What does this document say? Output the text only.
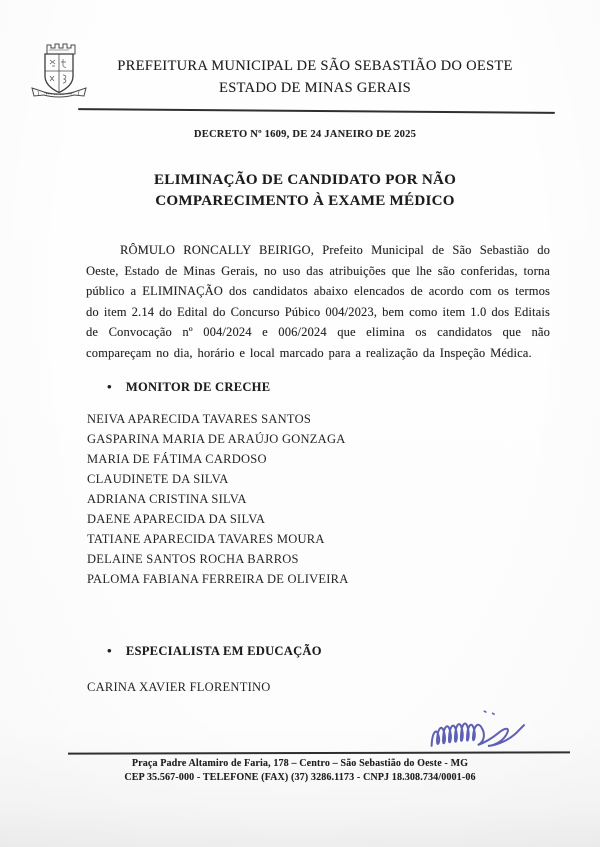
PREFEITURA MUNICIPAL DE SÃO SEBASTIÃO DO OESTE
ESTADO DE MINAS GERAIS
DECRETO Nº 1609, DE 24 JANEIRO DE 2025
ELIMINAÇÃO DE CANDIDATO POR NÃO
COMPARECIMENTO À EXAME MÉDICO

RÔMULO RONCALLY BEIRIGO, Prefeito Municipal de São Sebastião do Oeste, Estado de Minas Gerais, no uso das atribuições que lhe são conferidas, torna público a ELIMINAÇÃO dos candidatos abaixo elencados de acordo com os termos do item 2.14 do Edital do Concurso Púbico 004/2023, bem como item 1.0 dos Editais de Convocação nº 004/2024 e 006/2024 que elimina os candidatos que não compareçam no dia, horário e local marcado para a realização da Inspeção Médica.

• MONITOR DE CRECHE
NEIVA APARECIDA TAVARES SANTOS
GASPARINA MARIA DE ARAÚJO GONZAGA
MARIA DE FÁTIMA CARDOSO
CLAUDINETE DA SILVA
ADRIANA CRISTINA SILVA
DAENE APARECIDA DA SILVA
TATIANE APARECIDA TAVARES MOURA
DELAINE SANTOS ROCHA BARROS
PALOMA FABIANA FERREIRA DE OLIVEIRA
• ESPECIALISTA EM EDUCAÇÃO
CARINA XAVIER FLORENTINO
Praça Padre Altamiro de Faria, 178 – Centro – São Sebastião do Oeste - MG
CEP 35.567-000 - TELEFONE (FAX) (37) 3286.1173 - CNPJ 18.308.734/0001-06
